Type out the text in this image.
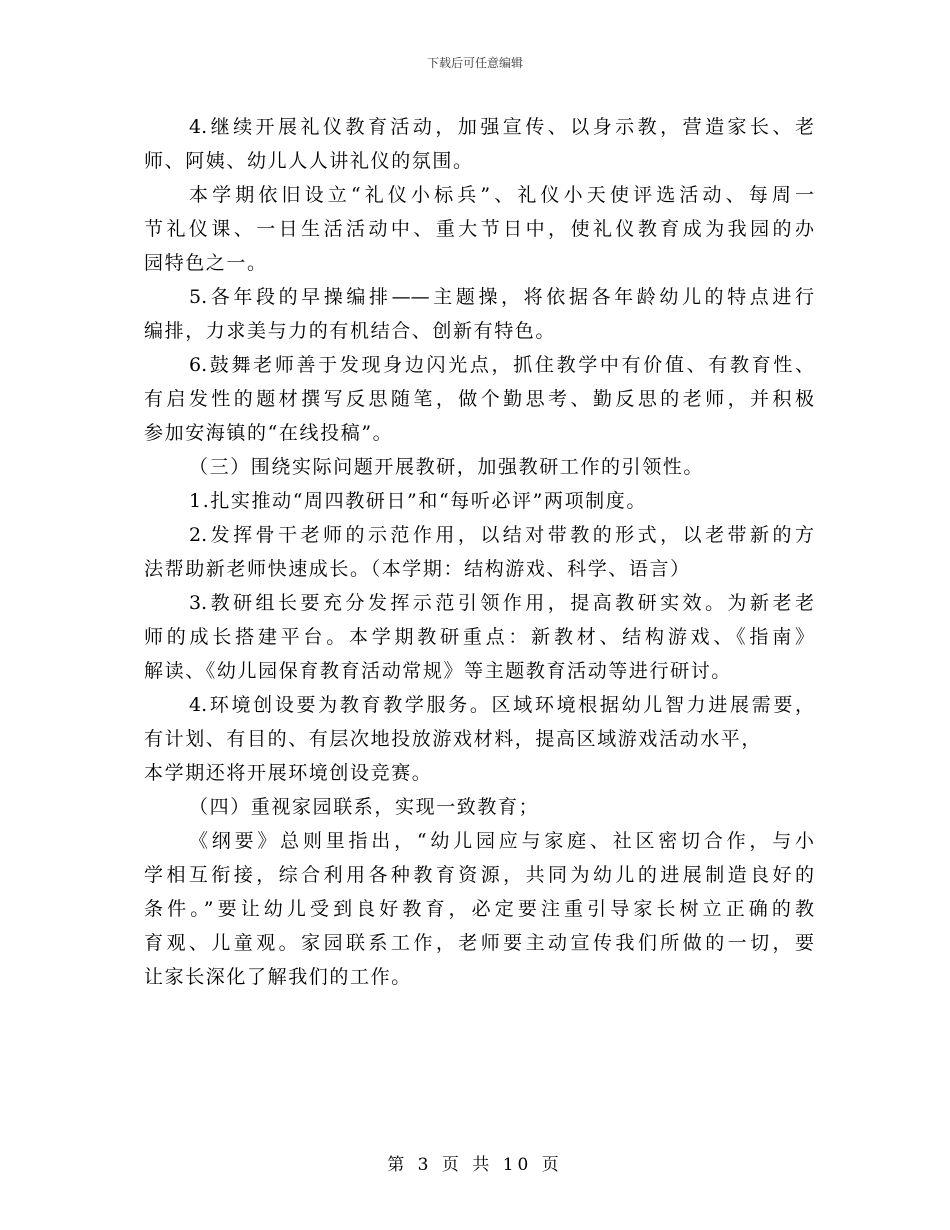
下载后可任意编辑
4.继续开展礼仪教育活动，加强宣传、以身示教，营造家长、老
师、阿姨、幼儿人人讲礼仪的氛围。
本学期依旧设立“礼仪小标兵”、礼仪小天使评选活动、每周一
节礼仪课、一日生活活动中、重大节日中，使礼仪教育成为我园的办
园特色之一。
5.各年段的早操编排——主题操，将依据各年龄幼儿的特点进行
编排，力求美与力的有机结合、创新有特色。
6.鼓舞老师善于发现身边闪光点，抓住教学中有价值、有教育性、
有启发性的题材撰写反思随笔，做个勤思考、勤反思的老师，并积极
参加安海镇的“在线投稿”。
（三）围绕实际问题开展教研，加强教研工作的引领性。
1.扎实推动“周四教研日”和“每听必评”两项制度。
2.发挥骨干老师的示范作用，以结对带教的形式，以老带新的方
法帮助新老师快速成长。（本学期：结构游戏、科学、语言）
3.教研组长要充分发挥示范引领作用，提高教研实效。为新老老
师的成长搭建平台。本学期教研重点：新教材、结构游戏、《指南》
解读、《幼儿园保育教育活动常规》等主题教育活动等进行研讨。
4.环境创设要为教育教学服务。区域环境根据幼儿智力进展需要，
有计划、有目的、有层次地投放游戏材料，提高区域游戏活动水平，
本学期还将开展环境创设竞赛。
（四）重视家园联系，实现一致教育；
《纲要》总则里指出，“幼儿园应与家庭、社区密切合作，与小
学相互衔接，综合利用各种教育资源，共同为幼儿的进展制造良好的
条件。”要让幼儿受到良好教育，必定要注重引导家长树立正确的教
育观、儿童观。家园联系工作，老师要主动宣传我们所做的一切，要
让家长深化了解我们的工作。
第 3 页 共 10 页
